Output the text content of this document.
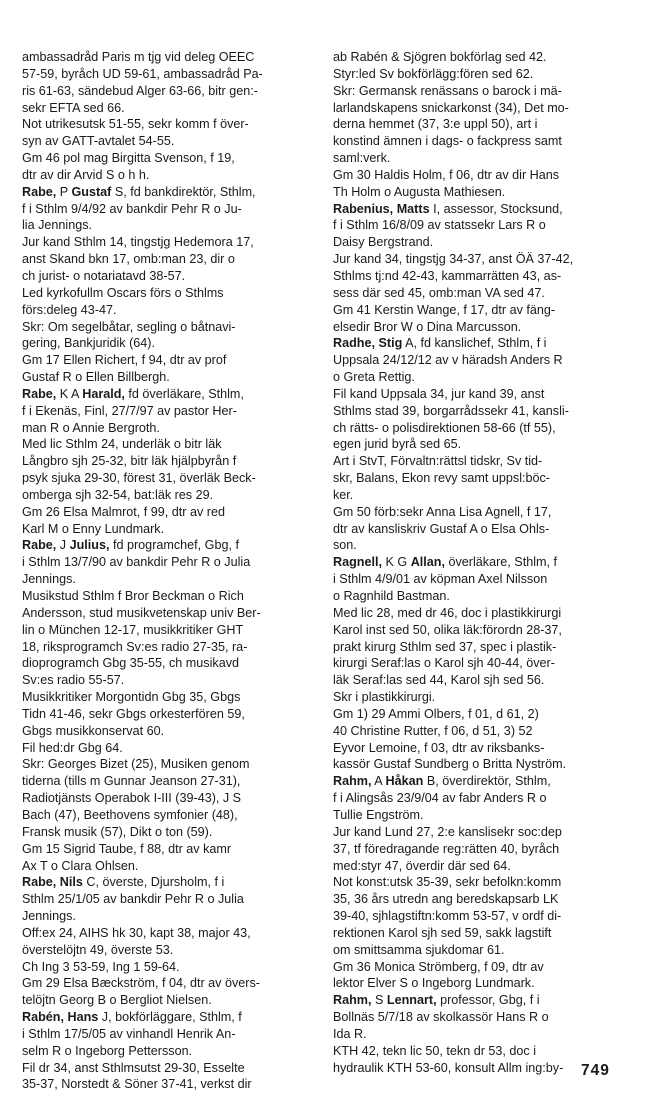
ambassadråd Paris m tjg vid deleg OEEC
57-59, byråch UD 59-61, ambassadråd Pa-
ris 61-63, sändebud Alger 63-66, bitr gen:-
sekr EFTA sed 66.
Not utrikesutsk 51-55, sekr komm f över-
syn av GATT-avtalet 54-55.
Gm 46 pol mag Birgitta Svenson, f 19,
dtr av dir Arvid S o h h.
Rabe, P Gustaf S, fd bankdirektör, Sthlm,
f i Sthlm 9/4/92 av bankdir Pehr R o Ju-
lia Jennings.
Jur kand Sthlm 14, tingstjg Hedemora 17,
anst Skand bkn 17, omb:man 23, dir o
ch jurist- o notariatavd 38-57.
Led kyrkofullm Oscars förs o Sthlms
förs:deleg 43-47.
Skr: Om segelbåtar, segling o båtnavi-
gering, Bankjuridik (64).
Gm 17 Ellen Richert, f 94, dtr av prof
Gustaf R o Ellen Billbergh.
Rabe, K A Harald, fd överläkare, Sthlm,
f i Ekenäs, Finl, 27/7/97 av pastor Her-
man R o Annie Bergroth.
Med lic Sthlm 24, underläk o bitr läk
Långbro sjh 25-32, bitr läk hjälpbyrån f
psyk sjuka 29-30, förest 31, överläk Beck-
omberga sjh 32-54, bat:läk res 29.
Gm 26 Elsa Malmrot, f 99, dtr av red
Karl M o Enny Lundmark.
Rabe, J Julius, fd programchef, Gbg, f
i Sthlm 13/7/90 av bankdir Pehr R o Julia
Jennings.
Musikstud Sthlm f Bror Beckman o Rich
Andersson, stud musikvetenskap univ Ber-
lin o München 12-17, musikkritiker GHT
18, riksprogramch Sv:es radio 27-35, ra-
dioprogramch Gbg 35-55, ch musikavd
Sv:es radio 55-57.
Musikkritiker Morgontidn Gbg 35, Gbgs
Tidn 41-46, sekr Gbgs orkesterfören 59,
Gbgs musikkonservat 60.
Fil hed:dr Gbg 64.
Skr: Georges Bizet (25), Musiken genom
tiderna (tills m Gunnar Jeanson 27-31),
Radiotjänsts Operabok I-III (39-43), J S
Bach (47), Beethovens symfonier (48),
Fransk musik (57), Dikt o ton (59).
Gm 15 Sigrid Taube, f 88, dtr av kamr
Ax T o Clara Ohlsen.
Rabe, Nils C, överste, Djursholm, f i
Sthlm 25/1/05 av bankdir Pehr R o Julia
Jennings.
Off:ex 24, AIHS hk 30, kapt 38, major 43,
överstelöjtn 49, överste 53.
Ch Ing 3 53-59, Ing 1 59-64.
Gm 29 Elsa Bæckström, f 04, dtr av övers-
telöjtn Georg B o Bergliot Nielsen.
Rabén, Hans J, bokförläggare, Sthlm, f
i Sthlm 17/5/05 av vinhandl Henrik An-
selm R o Ingeborg Pettersson.
Fil dr 34, anst Sthlmsutst 29-30, Esselte
35-37, Norstedt & Söner 37-41, verkst dir
ab Rabén & Sjögren bokförlag sed 42.
Styr:led Sv bokförlägg:fören sed 62.
Skr: Germansk renässans o barock i mä-
larlandskapens snickarkonst (34), Det mo-
derna hemmet (37, 3:e uppl 50), art i
konstind ämnen i dags- o fackpress samt
saml:verk.
Gm 30 Haldis Holm, f 06, dtr av dir Hans
Th Holm o Augusta Mathiesen.
Rabenius, Matts I, assessor, Stocksund,
f i Sthlm 16/8/09 av statssekr Lars R o
Daisy Bergstrand.
Jur kand 34, tingstjg 34-37, anst ÖÄ 37-42,
Sthlms tj:nd 42-43, kammarrätten 43, as-
sess där sed 45, omb:man VA sed 47.
Gm 41 Kerstin Wange, f 17, dtr av fäng-
elsedir Bror W o Dina Marcusson.
Radhe, Stig A, fd kanslichef, Sthlm, f i
Uppsala 24/12/12 av v häradsh Anders R
o Greta Rettig.
Fil kand Uppsala 34, jur kand 39, anst
Sthlms stad 39, borgarrådssekr 41, kansli-
ch rätts- o polisdirektionen 58-66 (tf 55),
egen jurid byrå sed 65.
Art i StvT, Förvaltn:rättsl tidskr, Sv tid-
skr, Balans, Ekon revy samt uppsl:böc-
ker.
Gm 50 förb:sekr Anna Lisa Agnell, f 17,
dtr av kansliskriv Gustaf A o Elsa Ohls-
son.
Ragnell, K G Allan, överläkare, Sthlm, f
i Sthlm 4/9/01 av köpman Axel Nilsson
o Ragnhild Bastman.
Med lic 28, med dr 46, doc i plastikkirurgi
Karol inst sed 50, olika läk:förordn 28-37,
prakt kirurg Sthlm sed 37, spec i plastik-
kirurgi Seraf:las o Karol sjh 40-44, över-
läk Seraf:las sed 44, Karol sjh sed 56.
Skr i plastikkirurgi.
Gm 1) 29 Ammi Olbers, f 01, d 61, 2)
40 Christine Rutter, f 06, d 51, 3) 52
Eyvor Lemoine, f 03, dtr av riksbanks-
kassör Gustaf Sundberg o Britta Nyström.
Rahm, A Håkan B, överdirektör, Sthlm,
f i Alingsås 23/9/04 av fabr Anders R o
Tullie Engström.
Jur kand Lund 27, 2:e kanslisekr soc:dep
37, tf föredragande reg:rätten 40, byråch
med:styr 47, överdir där sed 64.
Not konst:utsk 35-39, sekr befolkn:komm
35, 36 års utredn ang beredskapsarb LK
39-40, sjhlagstiftn:komm 53-57, v ordf di-
rektionen Karol sjh sed 59, sakk lagstift
om smittsamma sjukdomar 61.
Gm 36 Monica Strömberg, f 09, dtr av
lektor Elver S o Ingeborg Lundmark.
Rahm, S Lennart, professor, Gbg, f i
Bollnäs 5/7/18 av skolkassör Hans R o
Ida R.
KTH 42, tekn lic 50, tekn dr 53, doc i
hydraulik KTH 53-60, konsult Allm ing:by-	749
